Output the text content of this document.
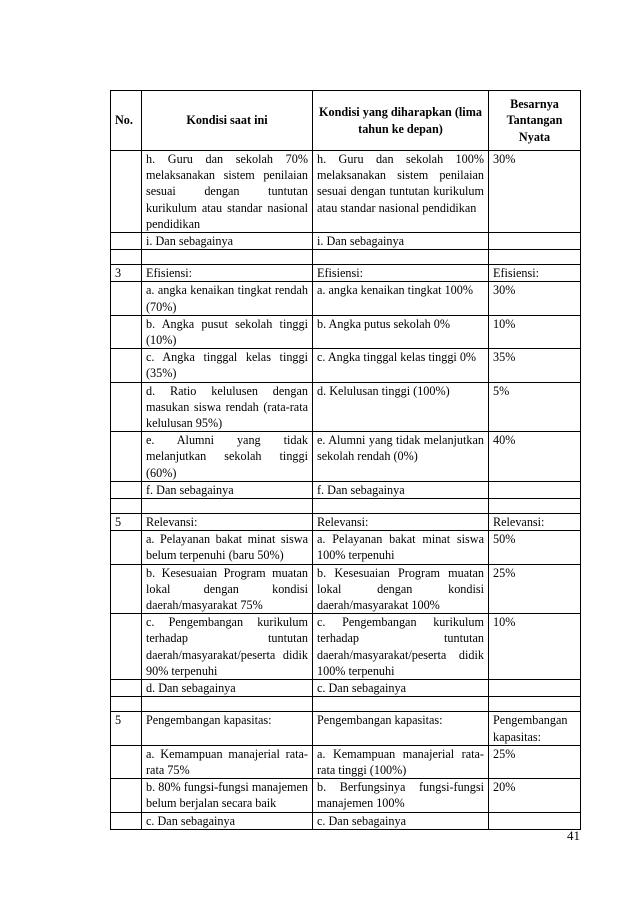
No.	Kondisi saat ini	Kondisi yang diharapkan (lima tahun ke depan)	Besarnya Tantangan Nyata
	h. Guru dan sekolah 70% melaksanakan sistem penilaian sesuai dengan tuntutan kurikulum atau standar nasional pendidikan	h. Guru dan sekolah 100% melaksanakan sistem penilaian sesuai dengan tuntutan kurikulum atau standar nasional pendidikan	30%
	i. Dan sebagainya	i. Dan sebagainya	

3	Efisiensi:	Efisiensi:	Efisiensi:
	a. angka kenaikan tingkat rendah (70%)	a. angka kenaikan tingkat 100%	30%
	b. Angka pusut sekolah tinggi (10%)	b. Angka putus sekolah 0%	10%
	c. Angka tinggal kelas tinggi (35%)	c. Angka tinggal kelas tinggi 0%	35%
	d. Ratio kelulusen dengan masukan siswa rendah (rata-rata kelulusan 95%)	d. Kelulusan tinggi (100%)	5%
	e. Alumni yang tidak melanjutkan sekolah tinggi (60%)	e. Alumni yang tidak melanjutkan sekolah rendah (0%)	40%
	f. Dan sebagainya	f. Dan sebagainya	

5	Relevansi:	Relevansi:	Relevansi:
	a. Pelayanan bakat minat siswa belum terpenuhi (baru 50%)	a. Pelayanan bakat minat siswa 100% terpenuhi	50%
	b. Kesesuaian Program muatan lokal dengan kondisi daerah/masyarakat 75%	b. Kesesuaian Program muatan lokal dengan kondisi daerah/masyarakat 100%	25%
	c. Pengembangan kurikulum terhadap tuntutan daerah/masyarakat/peserta didik 90% terpenuhi	c. Pengembangan kurikulum terhadap tuntutan daerah/masyarakat/peserta didik 100% terpenuhi	10%
	d. Dan sebagainya	c. Dan sebagainya	

5	Pengembangan kapasitas:	Pengembangan kapasitas:	Pengembangan kapasitas:
	a. Kemampuan manajerial rata-rata 75%	a. Kemampuan manajerial rata-rata tinggi (100%)	25%
	b. 80% fungsi-fungsi manajemen belum berjalan secara baik	b. Berfungsinya fungsi-fungsi manajemen 100%	20%
	c. Dan sebagainya	c. Dan sebagainya	
41
